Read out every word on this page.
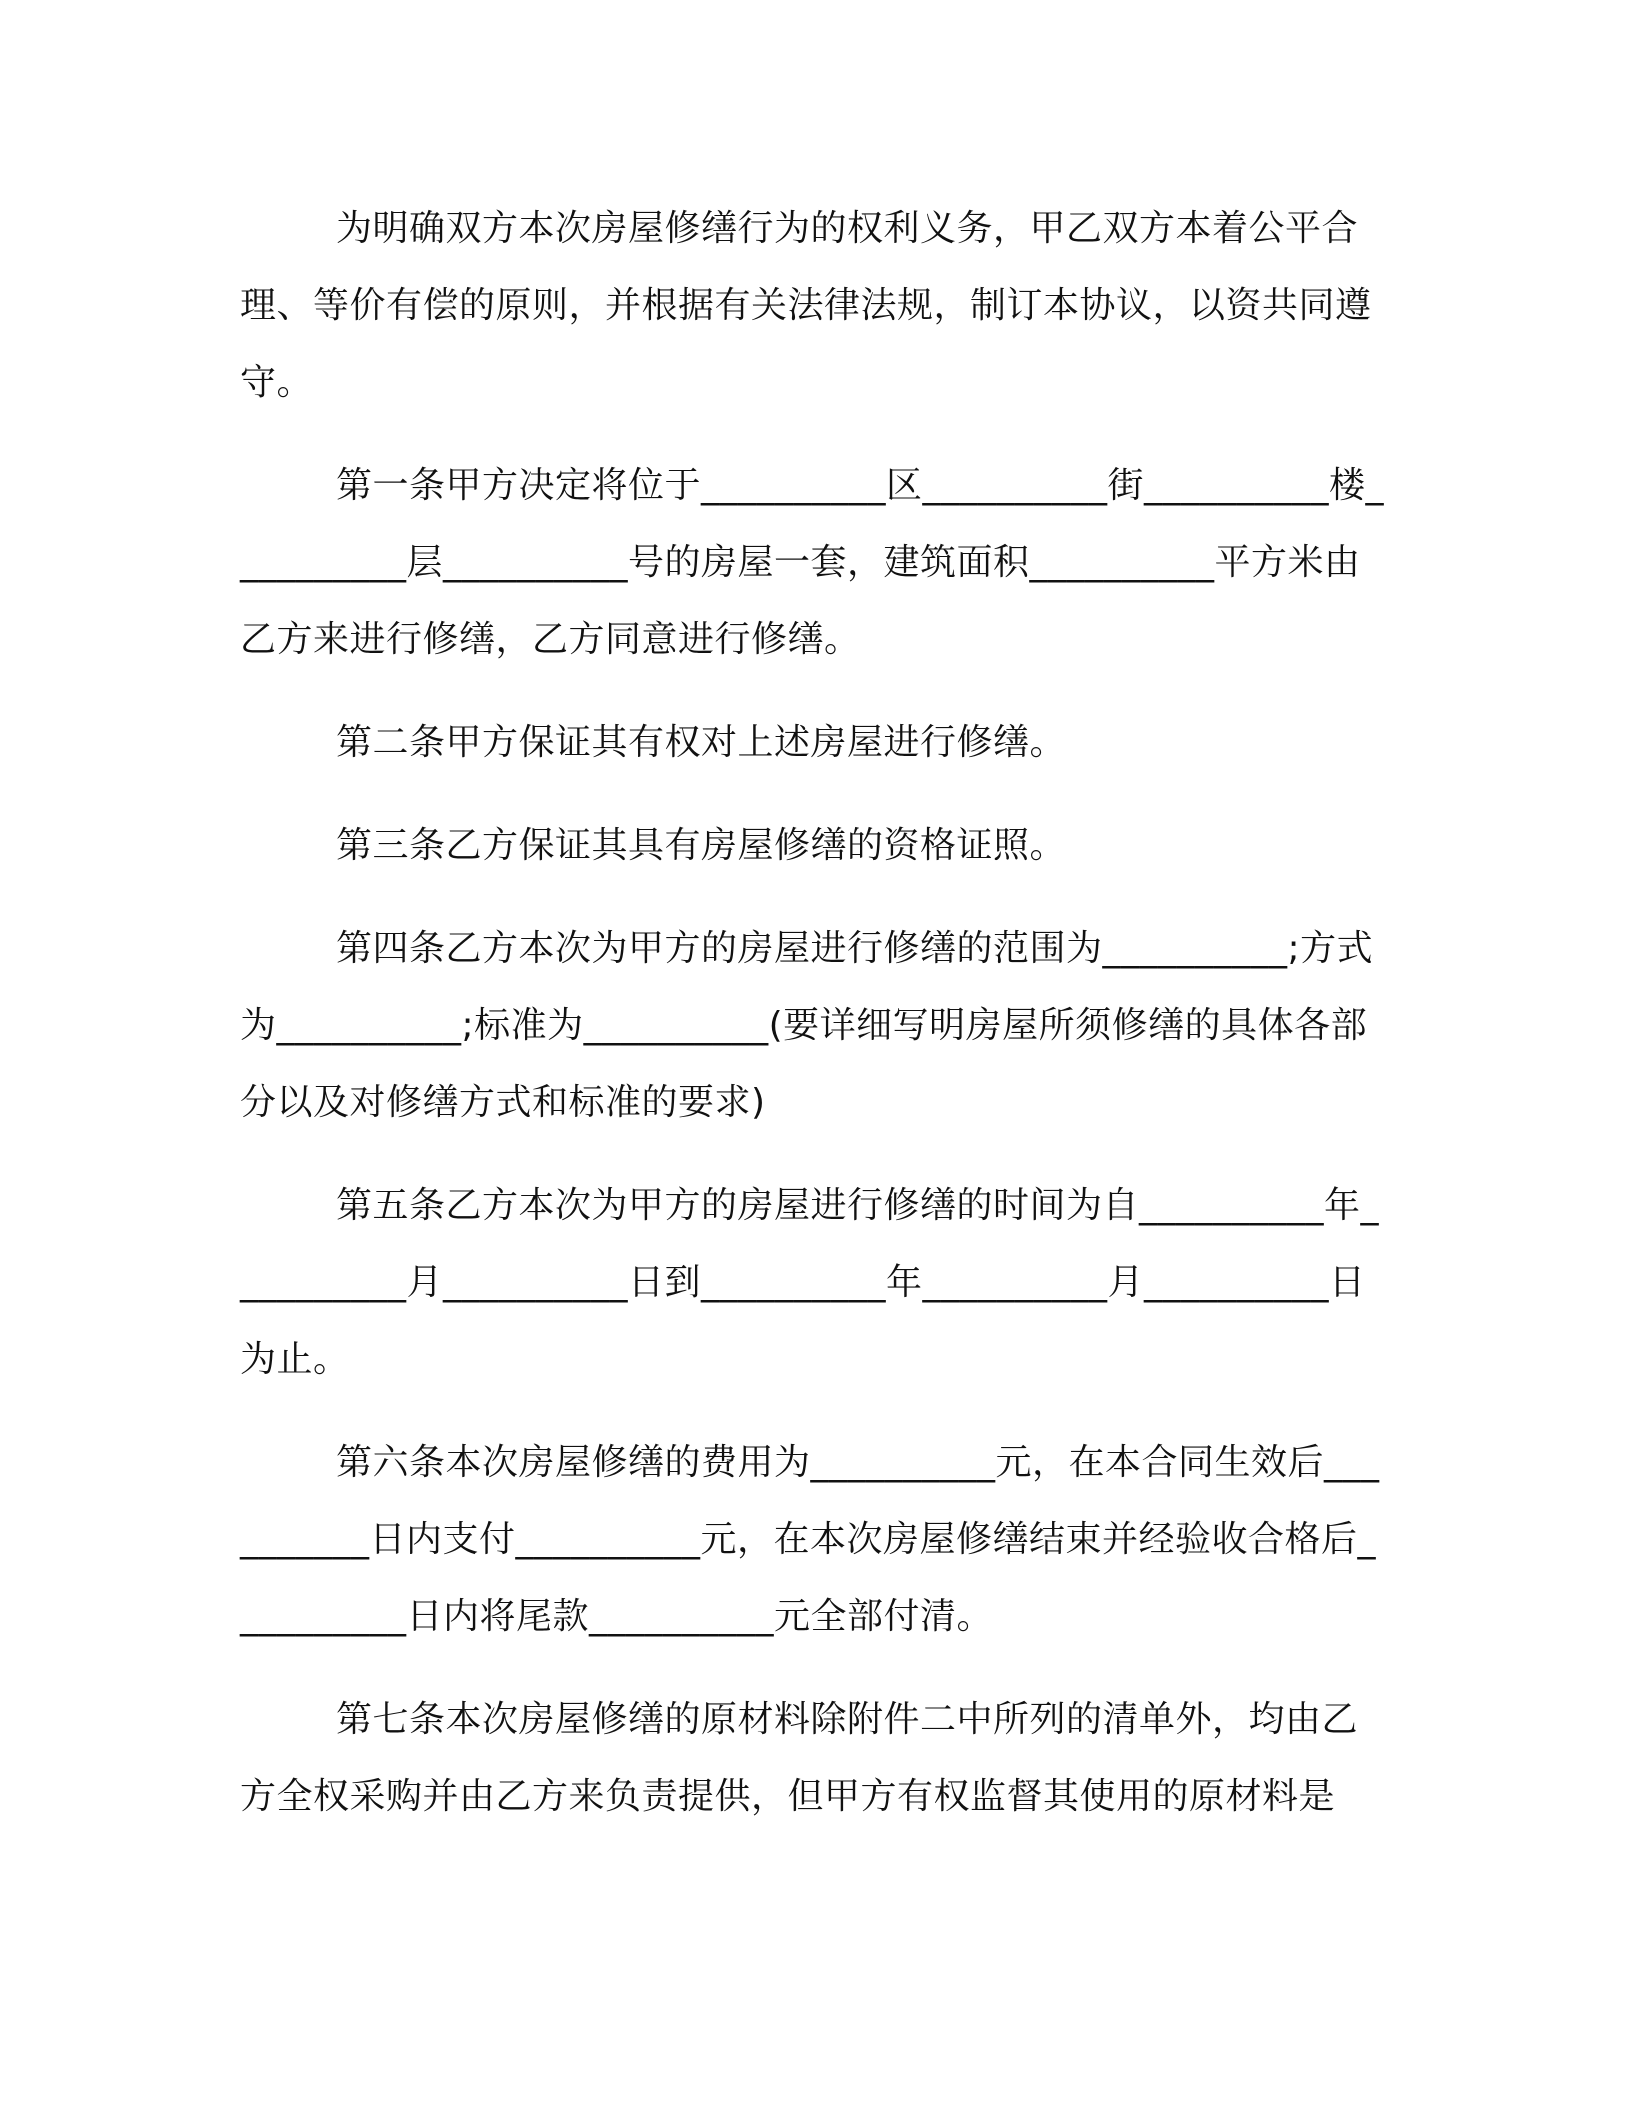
为明确双方本次房屋修缮行为的权利义务，甲乙双方本着公平合理、等价有偿的原则，并根据有关法律法规，制订本协议，以资共同遵守。

第一条甲方决定将位于__________区__________街__________楼__________层__________号的房屋一套，建筑面积__________平方米由乙方来进行修缮，乙方同意进行修缮。

第二条甲方保证其有权对上述房屋进行修缮。

第三条乙方保证其具有房屋修缮的资格证照。

第四条乙方本次为甲方的房屋进行修缮的范围为__________;方式为__________;标准为__________(要详细写明房屋所须修缮的具体各部分以及对修缮方式和标准的要求)

第五条乙方本次为甲方的房屋进行修缮的时间为自__________年__________月__________日到__________年__________月__________日为止。

第六条本次房屋修缮的费用为__________元，在本合同生效后__________日内支付__________元，在本次房屋修缮结束并经验收合格后__________日内将尾款__________元全部付清。

第七条本次房屋修缮的原材料除附件二中所列的清单外，均由乙方全权采购并由乙方来负责提供，但甲方有权监督其使用的原材料是
